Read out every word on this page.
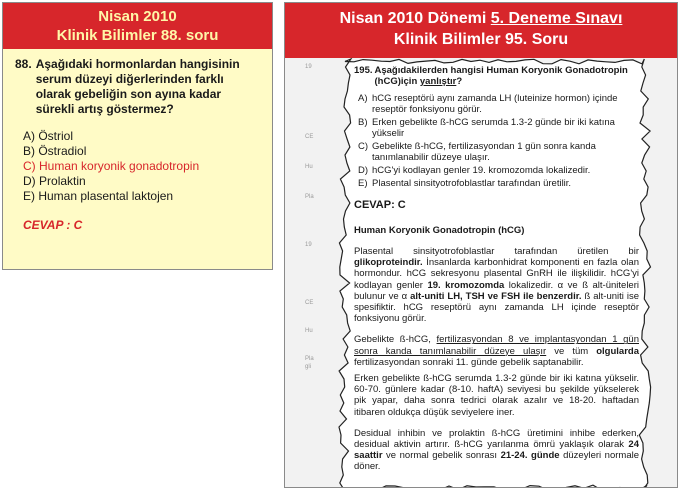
Nisan 2010
Klinik Bilimler 88. soru
88. Aşağıdaki hormonlardan hangisinin serum düzeyi diğerlerinden farklı olarak gebeliğin son ayına kadar sürekli artış göstermez?
A) Östriol
B) Östradiol
C) Human koryonik gonadotropin
D) Prolaktin
E) Human plasental laktojen
CEVAP : C
Nisan 2010 Dönemi 5. Deneme Sınavı
Klinik Bilimler 95. Soru
19
CE
Hu
Pla
19
CE
Hu
Pla
gli
195. Aşağıdakilerden hangisi Human Koryonik Gonadotropin (hCG)için yanlıştır?
A) hCG reseptörü aynı zamanda LH (luteinize hormon) içinde reseptör fonksiyonu görür.
B) Erken gebelikte ß-hCG serumda 1.3-2 günde bir iki katına yükselir
C) Gebelikte ß-hCG, fertilizasyondan 1 gün sonra kanda tanımlanabilir düzeye ulaşır.
D) hCG'yi kodlayan genler 19. kromozomda lokalizedir.
E) Plasental sinsityotrofoblastlar tarafından üretilir.
CEVAP: C
Human Koryonik Gonadotropin (hCG)

Plasental sinsityotrofoblastlar tarafından üretilen bir glikoproteindir. İnsanlarda karbonhidrat komponenti en fazla olan hormondur. hCG sekresyonu plasental GnRH ile ilişkilidir. hCG'yi kodlayan genler 19. kromozomda lokalizedir. α ve ß alt-üniteleri bulunur ve α alt-uniti LH, TSH ve FSH ile benzerdir. ß alt-uniti ise spesifiktir. hCG reseptörü aynı zamanda LH içinde reseptör fonksiyonu görür.

Gebelikte ß-hCG, fertilizasyondan 8 ve implantasyondan 1 gün sonra kanda tanımlanabilir düzeye ulaşır ve tüm olgularda fertilizasyondan sonraki 11. günde gebelik saptanabilir.

Erken gebelikte ß-hCG serumda 1.3-2 günde bir iki katına yükselir. 60-70. günlere kadar (8-10. haftA) seviyesi bu şekilde yükselerek pik yapar, daha sonra tedrici olarak azalır ve 18-20. haftadan itibaren oldukça düşük seviyelere iner.

Desidual inhibin ve prolaktin ß-hCG üretimini inhibe ederken, desidual aktivin artırır. ß-hCG yarılanma ömrü yaklaşık olarak 24 saattir ve normal gebelik sonrası 21-24. günde düzeyleri normale döner.
